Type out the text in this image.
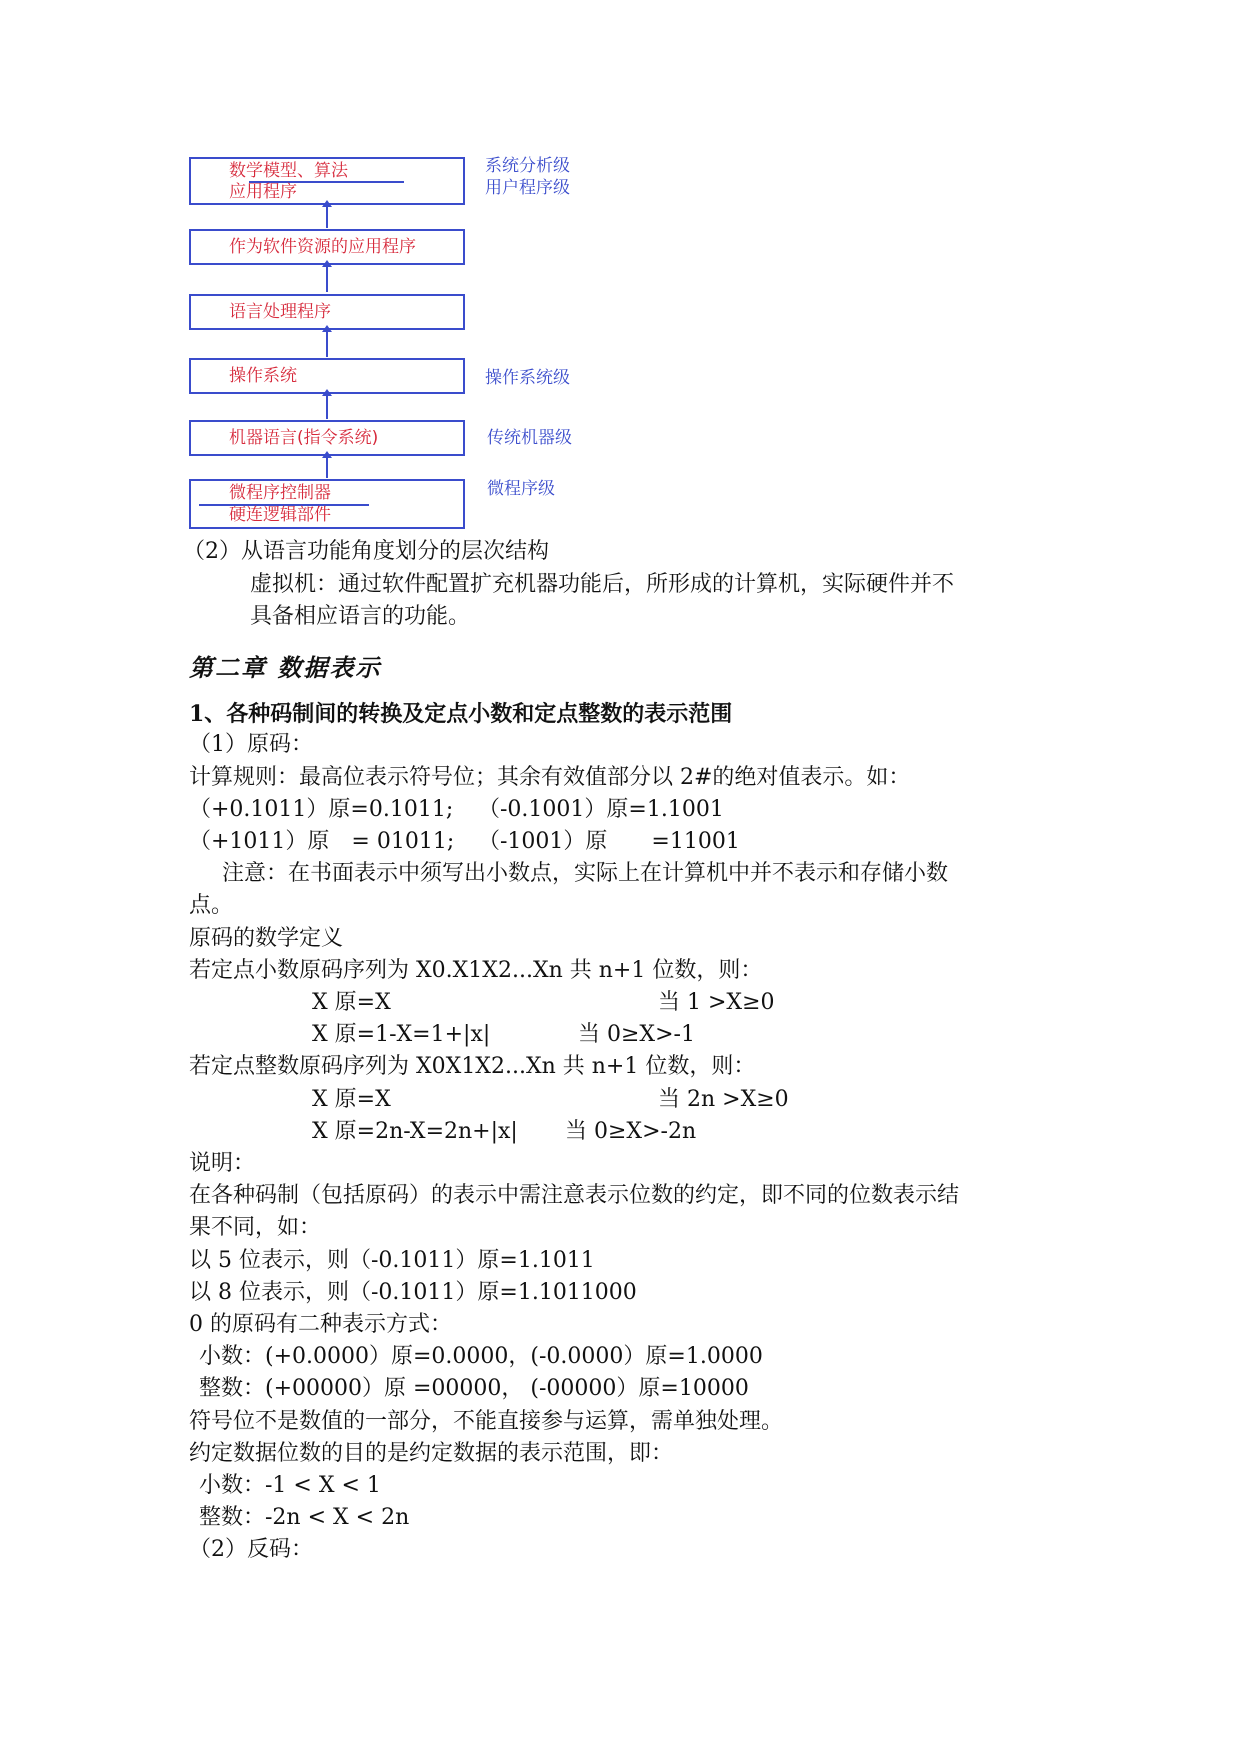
数学模型、算法
应用程序
作为软件资源的应用程序
语言处理程序
操作系统
机器语言(指令系统)
微程序控制器
硬连逻辑部件
系统分析级
用户程序级
操作系统级
传统机器级
微程序级
（2）从语言功能角度划分的层次结构
虚拟机：通过软件配置扩充机器功能后，所形成的计算机，实际硬件并不
具备相应语言的功能。
第二章 数据表示
1、各种码制间的转换及定点小数和定点整数的表示范围
（1）原码：
计算规则：最高位表示符号位；其余有效值部分以 2#的绝对值表示。如：
（+0.1011）原=0.1011; （-0.1001）原=1.1001
（+1011）原　= 01011; （-1001）原　　=11001
注意：在书面表示中须写出小数点，实际上在计算机中并不表示和存储小数
点。
原码的数学定义
若定点小数原码序列为 X0.X1X2...Xn 共 n+1 位数，则：
X 原=X	当 1 >X≥0
X 原=1-X=1+|x|	当 0≥X>-1
若定点整数原码序列为 X0X1X2...Xn 共 n+1 位数，则：
X 原=X	当 2n >X≥0
X 原=2n-X=2n+|x| 当 0≥X>-2n
说明：
在各种码制（包括原码）的表示中需注意表示位数的约定，即不同的位数表示结
果不同，如：
以 5 位表示，则（-0.1011）原=1.1011
以 8 位表示，则（-0.1011）原=1.1011000
0 的原码有二种表示方式：
小数：(+0.0000）原=0.0000，(-0.0000）原=1.0000
整数：(+00000）原 =00000， (-00000）原=10000
符号位不是数值的一部分，不能直接参与运算，需单独处理。
约定数据位数的目的是约定数据的表示范围，即：
小数：-1 < X < 1
整数：-2n < X < 2n
（2）反码：
